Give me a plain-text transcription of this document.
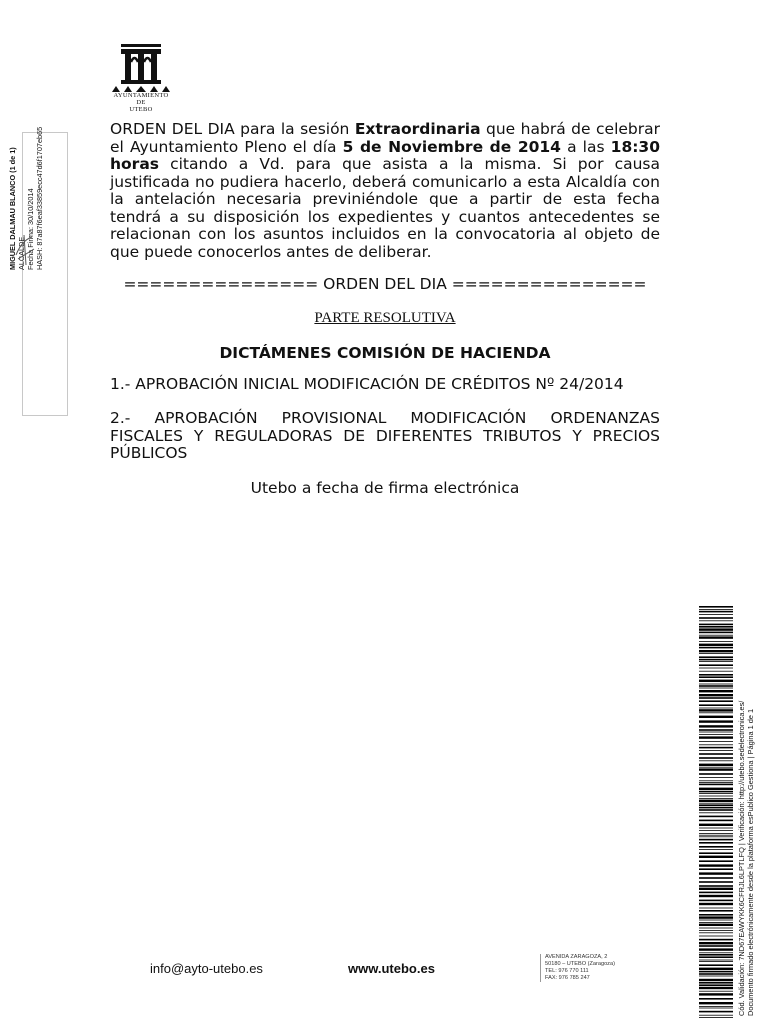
AYUNTAMIENTO
DE
UTEBO
ORDEN DEL DIA para la sesión Extraordinaria que habrá de celebrar el Ayuntamiento Pleno el día 5 de Noviembre de 2014 a las 18:30 horas citando a Vd. para que asista a la misma. Si por causa justificada no pudiera hacerlo, deberá comunicarlo a esta Alcaldía con la antelación necesaria previniéndole que a partir de esta fecha tendrá a su disposición los expedientes y cuantos antecedentes se relacionan con los asuntos incluidos en la convocatoria al objeto de que puede conocerlos antes de deliberar.
=============== ORDEN DEL DIA ===============
PARTE RESOLUTIVA
DICTÁMENES COMISIÓN DE HACIENDA
1.- APROBACIÓN INICIAL MODIFICACIÓN DE CRÉDITOS Nº 24/2014
2.- APROBACIÓN PROVISIONAL MODIFICACIÓN ORDENANZAS
FISCALES Y REGULADORAS DE DIFERENTES TRIBUTOS Y PRECIOS PÚBLICOS
Utebo a fecha de firma electrónica
MIGUEL DALMAU BLANCO (1 de 1) ALCALDE Fecha Firma: 30/10/2014 HASH: 87a87f6eaf33859ecc47d6f1707eb65
Cód. Validación: 7ND67EAWYKK6CFRJL6LPTLFQ | Verificación: http://utebo.sedelectronica.es/ Documento firmado electrónicamente desde la plataforma esPublico Gestiona | Página 1 de 1
info@ayto-utebo.es	www.utebo.es
AVENIDA ZARAGOZA, 2
50180 – UTEBO (Zaragoza)
TEL: 976 770 111
FAX: 976 785 247
